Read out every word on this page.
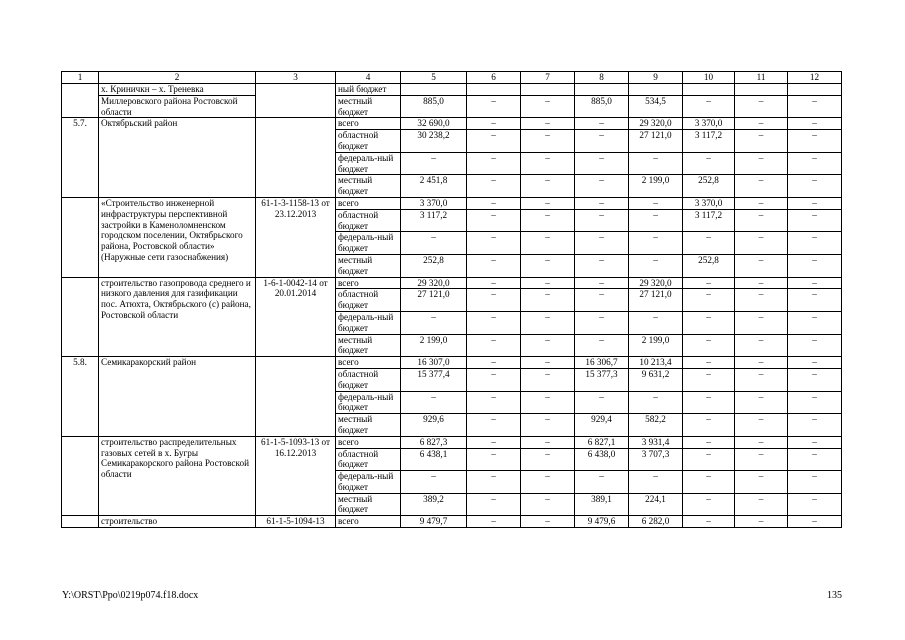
1	2	3	4	5	6	7	8	9	10	11	12
	х. Криничкн – х. Треневка		ный бюджет								
	Миллеровского района Ростовской области		местный бюджет	885,0	–	–	885,0	534,5	–	–	–
5.7.	Октябрьский район		всего	32 690,0	–	–	–	29 320,0	3 370,0	–	–
			областной бюджет	30 238,2	–	–	–	27 121,0	3 117,2	–	–
			федераль-ный бюджет	–	–	–	–	–	–	–	–
			местный бюджет	2 451,8	–	–	–	2 199,0	252,8	–	–
	«Строительство инженерной инфраструктуры перспективной застройки в Каменоломненском городском поселении, Октябрьского района, Ростовской области» (Наружные сети газоснабжения)	61-1-3-1158-13 от 23.12.2013	всего	3 370,0	–	–	–	–	3 370,0	–	–
			областной бюджет	3 117,2	–	–	–	–	3 117,2	–	–
			федераль-ный бюджет	–	–	–	–	–	–	–	–
			местный бюджет	252,8	–	–	–	–	252,8	–	–
	строительство газопровода среднего и низкого давления для газификации пос. Атюхта, Октябрьского (с) района, Ростовской области	1-6-1-0042-14 от 20.01.2014	всего	29 320,0	–	–	–	29 320,0	–	–	–
			областной бюджет	27 121,0	–	–	–	27 121,0	–	–	–
			федераль-ный бюджет	–	–	–	–	–	–	–	–
			местный бюджет	2 199,0	–	–	–	2 199,0	–	–	–
5.8.	Семикаракорский район		всего	16 307,0	–	–	16 306,7	10 213,4	–	–	–
			областной бюджет	15 377,4	–	–	15 377,3	9 631,2	–	–	–
			федераль-ный бюджет	–	–	–	–	–	–	–	–
			местный бюджет	929,6	–	–	929,4	582,2	–	–	–
	строительство распределительных газовых сетей в х. Бугры Семикаракорского района Ростовской области	61-1-5-1093-13 от 16.12.2013	всего	6 827,3	–	–	6 827,1	3 931,4	–	–	–
			областной бюджет	6 438,1	–	–	6 438,0	3 707,3	–	–	–
			федераль-ный бюджет	–	–	–	–	–	–	–	–
			местный бюджет	389,2	–	–	389,1	224,1	–	–	–
	строительство	61-1-5-1094-13	всего	9 479,7	–	–	9 479,6	6 282,0	–	–	–
Y:\ORST\Ppo\0219p074.f18.docx	135
